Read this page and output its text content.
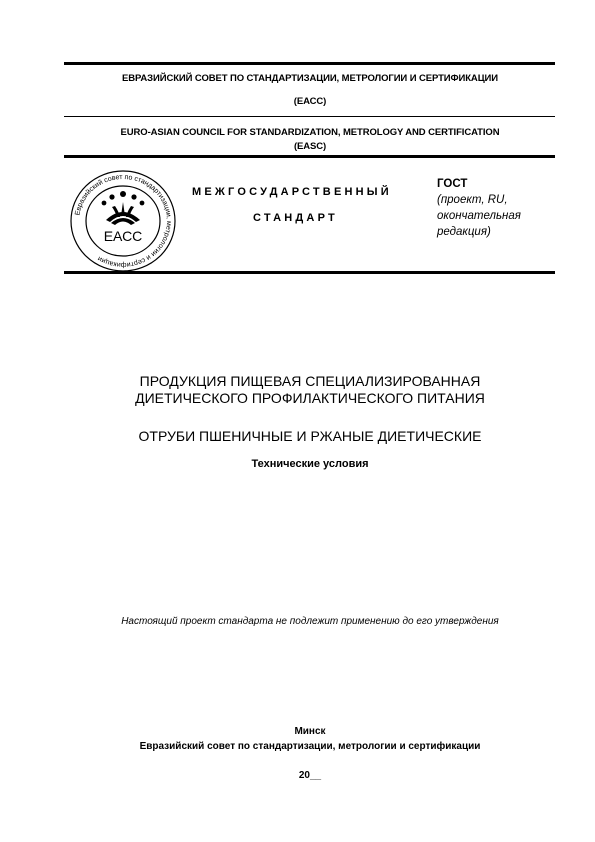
ЕВРАЗИЙСКИЙ СОВЕТ ПО СТАНДАРТИЗАЦИИ, МЕТРОЛОГИИ И СЕРТИФИКАЦИИ
(ЕАСС)
EURO-ASIAN COUNCIL FOR STANDARDIZATION, METROLOGY AND CERTIFICATION
(EASC)
Евразийский совет по стандартизации, метрологии и сертификации
ЕАСС
МЕЖГОСУДАРСТВЕННЫЙ
СТАНДАРТ
ГОСТ
(проект, RU,
окончательная
редакция)
ПРОДУКЦИЯ ПИЩЕВАЯ СПЕЦИАЛИЗИРОВАННАЯ
ДИЕТИЧЕСКОГО ПРОФИЛАКТИЧЕСКОГО ПИТАНИЯ
ОТРУБИ ПШЕНИЧНЫЕ И РЖАНЫЕ ДИЕТИЧЕСКИЕ
Технические условия
Настоящий проект стандарта не подлежит применению до его утверждения
Минск
Евразийский совет по стандартизации, метрологии и сертификации
20__
